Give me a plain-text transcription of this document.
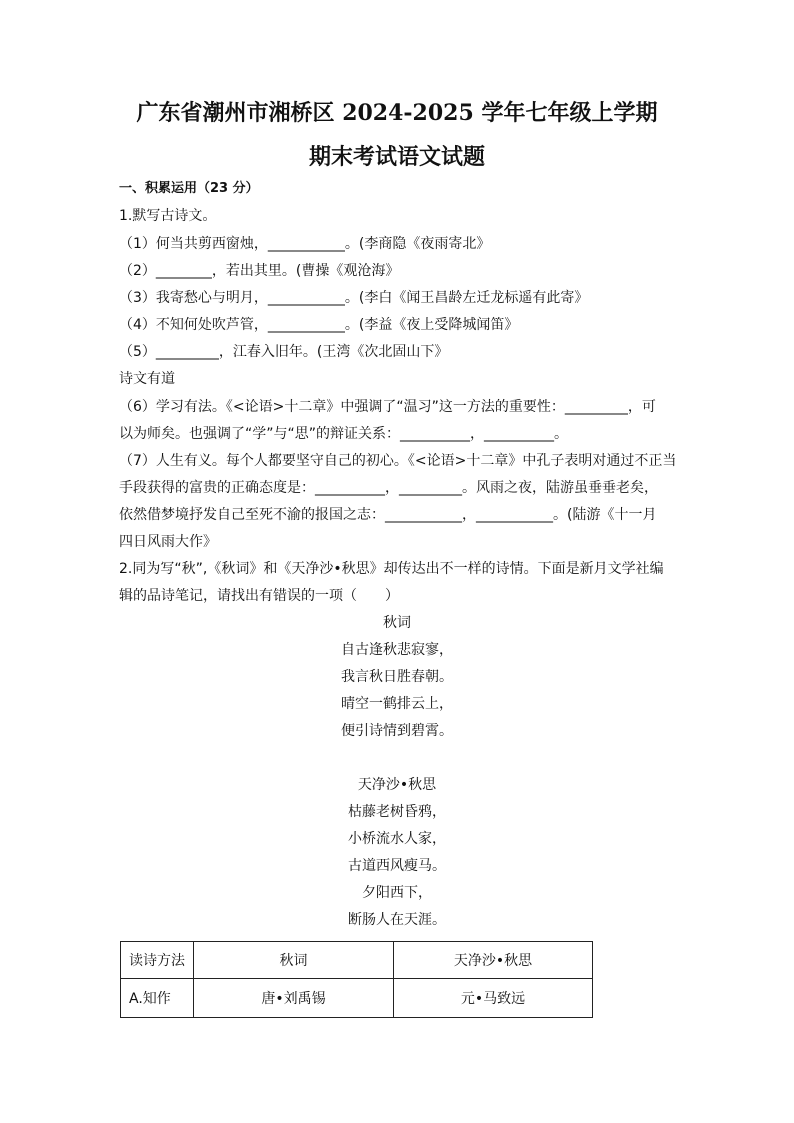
广东省潮州市湘桥区 2024-2025 学年七年级上学期
期末考试语文试题
一、积累运用（23 分）
1.默写古诗文。
（1）何当共剪西窗烛，___________。(李商隐《夜雨寄北》
（2）________，若出其里。(曹操《观沧海》
（3）我寄愁心与明月，___________。(李白《闻王昌龄左迁龙标遥有此寄》
（4）不知何处吹芦管，___________。(李益《夜上受降城闻笛》
（5）_________，江春入旧年。(王湾《次北固山下》
诗文有道
（6）学习有法。《<论语>十二章》中强调了“温习”这一方法的重要性：_________，可
以为师矣。也强调了“学”与“思”的辩证关系：__________，__________。
（7）人生有义。每个人都要坚守自己的初心。《<论语>十二章》中孔子表明对通过不正当
手段获得的富贵的正确态度是：__________，_________。风雨之夜，陆游虽垂垂老矣，
依然借梦境抒发自己至死不渝的报国之志：___________，___________。(陆游《十一月
四日风雨大作》
2.同为写“秋”,《秋词》和《天净沙•秋思》却传达出不一样的诗情。下面是新月文学社编
辑的品诗笔记，请找出有错误的一项（　　）
秋词
自古逢秋悲寂寥，
我言秋日胜春朝。
晴空一鹤排云上，
便引诗情到碧霄。
天净沙•秋思
枯藤老树昏鸦，
小桥流水人家，
古道西风瘦马。
夕阳西下，
断肠人在天涯。
读诗方法	秋词	天净沙•秋思
A.知作	唐•刘禹锡	元•马致远
